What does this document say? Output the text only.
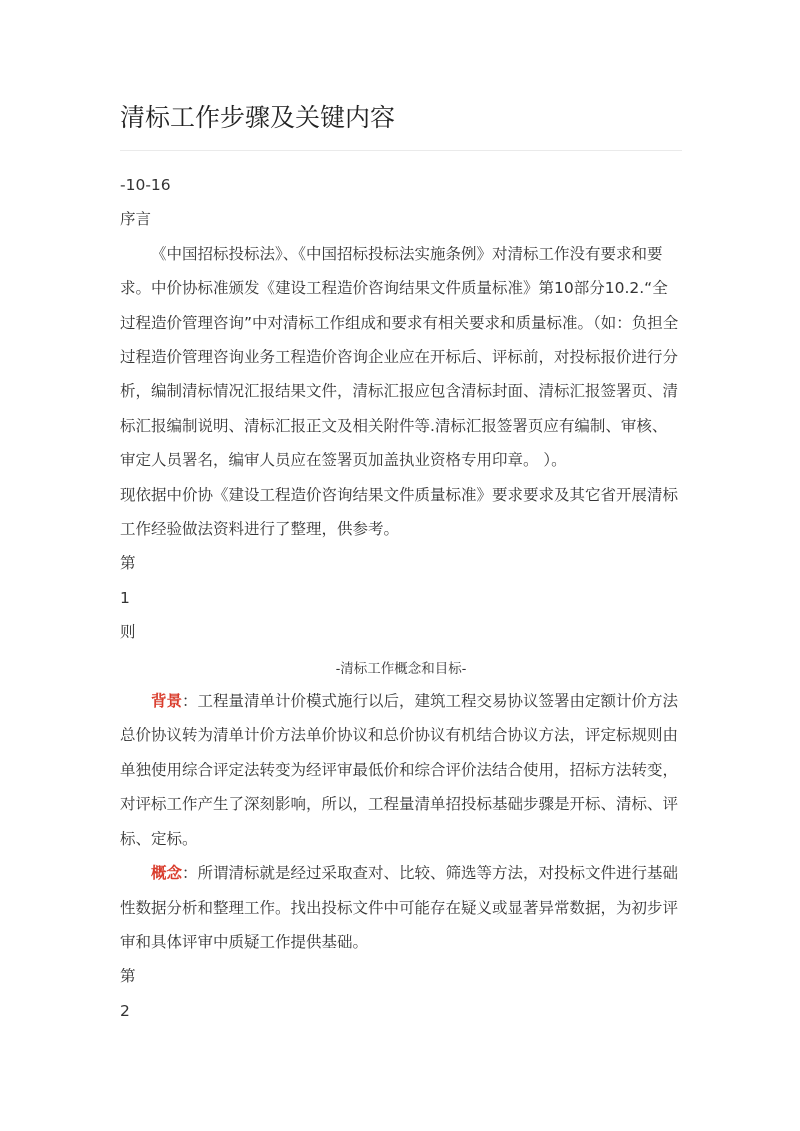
清标工作步骤及关键内容

-10-16

序言

《中国招标投标法》、《中国招标投标法实施条例》对清标工作没有要求和要求。中价协标准颁发《建设工程造价咨询结果文件质量标准》第10部分10.2.“全过程造价管理咨询”中对清标工作组成和要求有相关要求和质量标准。（如：负担全过程造价管理咨询业务工程造价咨询企业应在开标后、评标前，对投标报价进行分析，编制清标情况汇报结果文件，清标汇报应包含清标封面、清标汇报签署页、清标汇报编制说明、清标汇报正文及相关附件等.清标汇报签署页应有编制、审核、审定人员署名，编审人员应在签署页加盖执业资格专用印章。 ）。

现依据中价协《建设工程造价咨询结果文件质量标准》要求要求及其它省开展清标工作经验做法资料进行了整理，供参考。

第

1

则

-清标工作概念和目标-

背景：工程量清单计价模式施行以后，建筑工程交易协议签署由定额计价方法总价协议转为清单计价方法单价协议和总价协议有机结合协议方法，评定标规则由单独使用综合评定法转变为经评审最低价和综合评价法结合使用，招标方法转变，对评标工作产生了深刻影响，所以，工程量清单招投标基础步骤是开标、清标、评标、定标。

概念：所谓清标就是经过采取查对、比较、筛选等方法，对投标文件进行基础性数据分析和整理工作。找出投标文件中可能存在疑义或显著异常数据，为初步评审和具体评审中质疑工作提供基础。

第

2
